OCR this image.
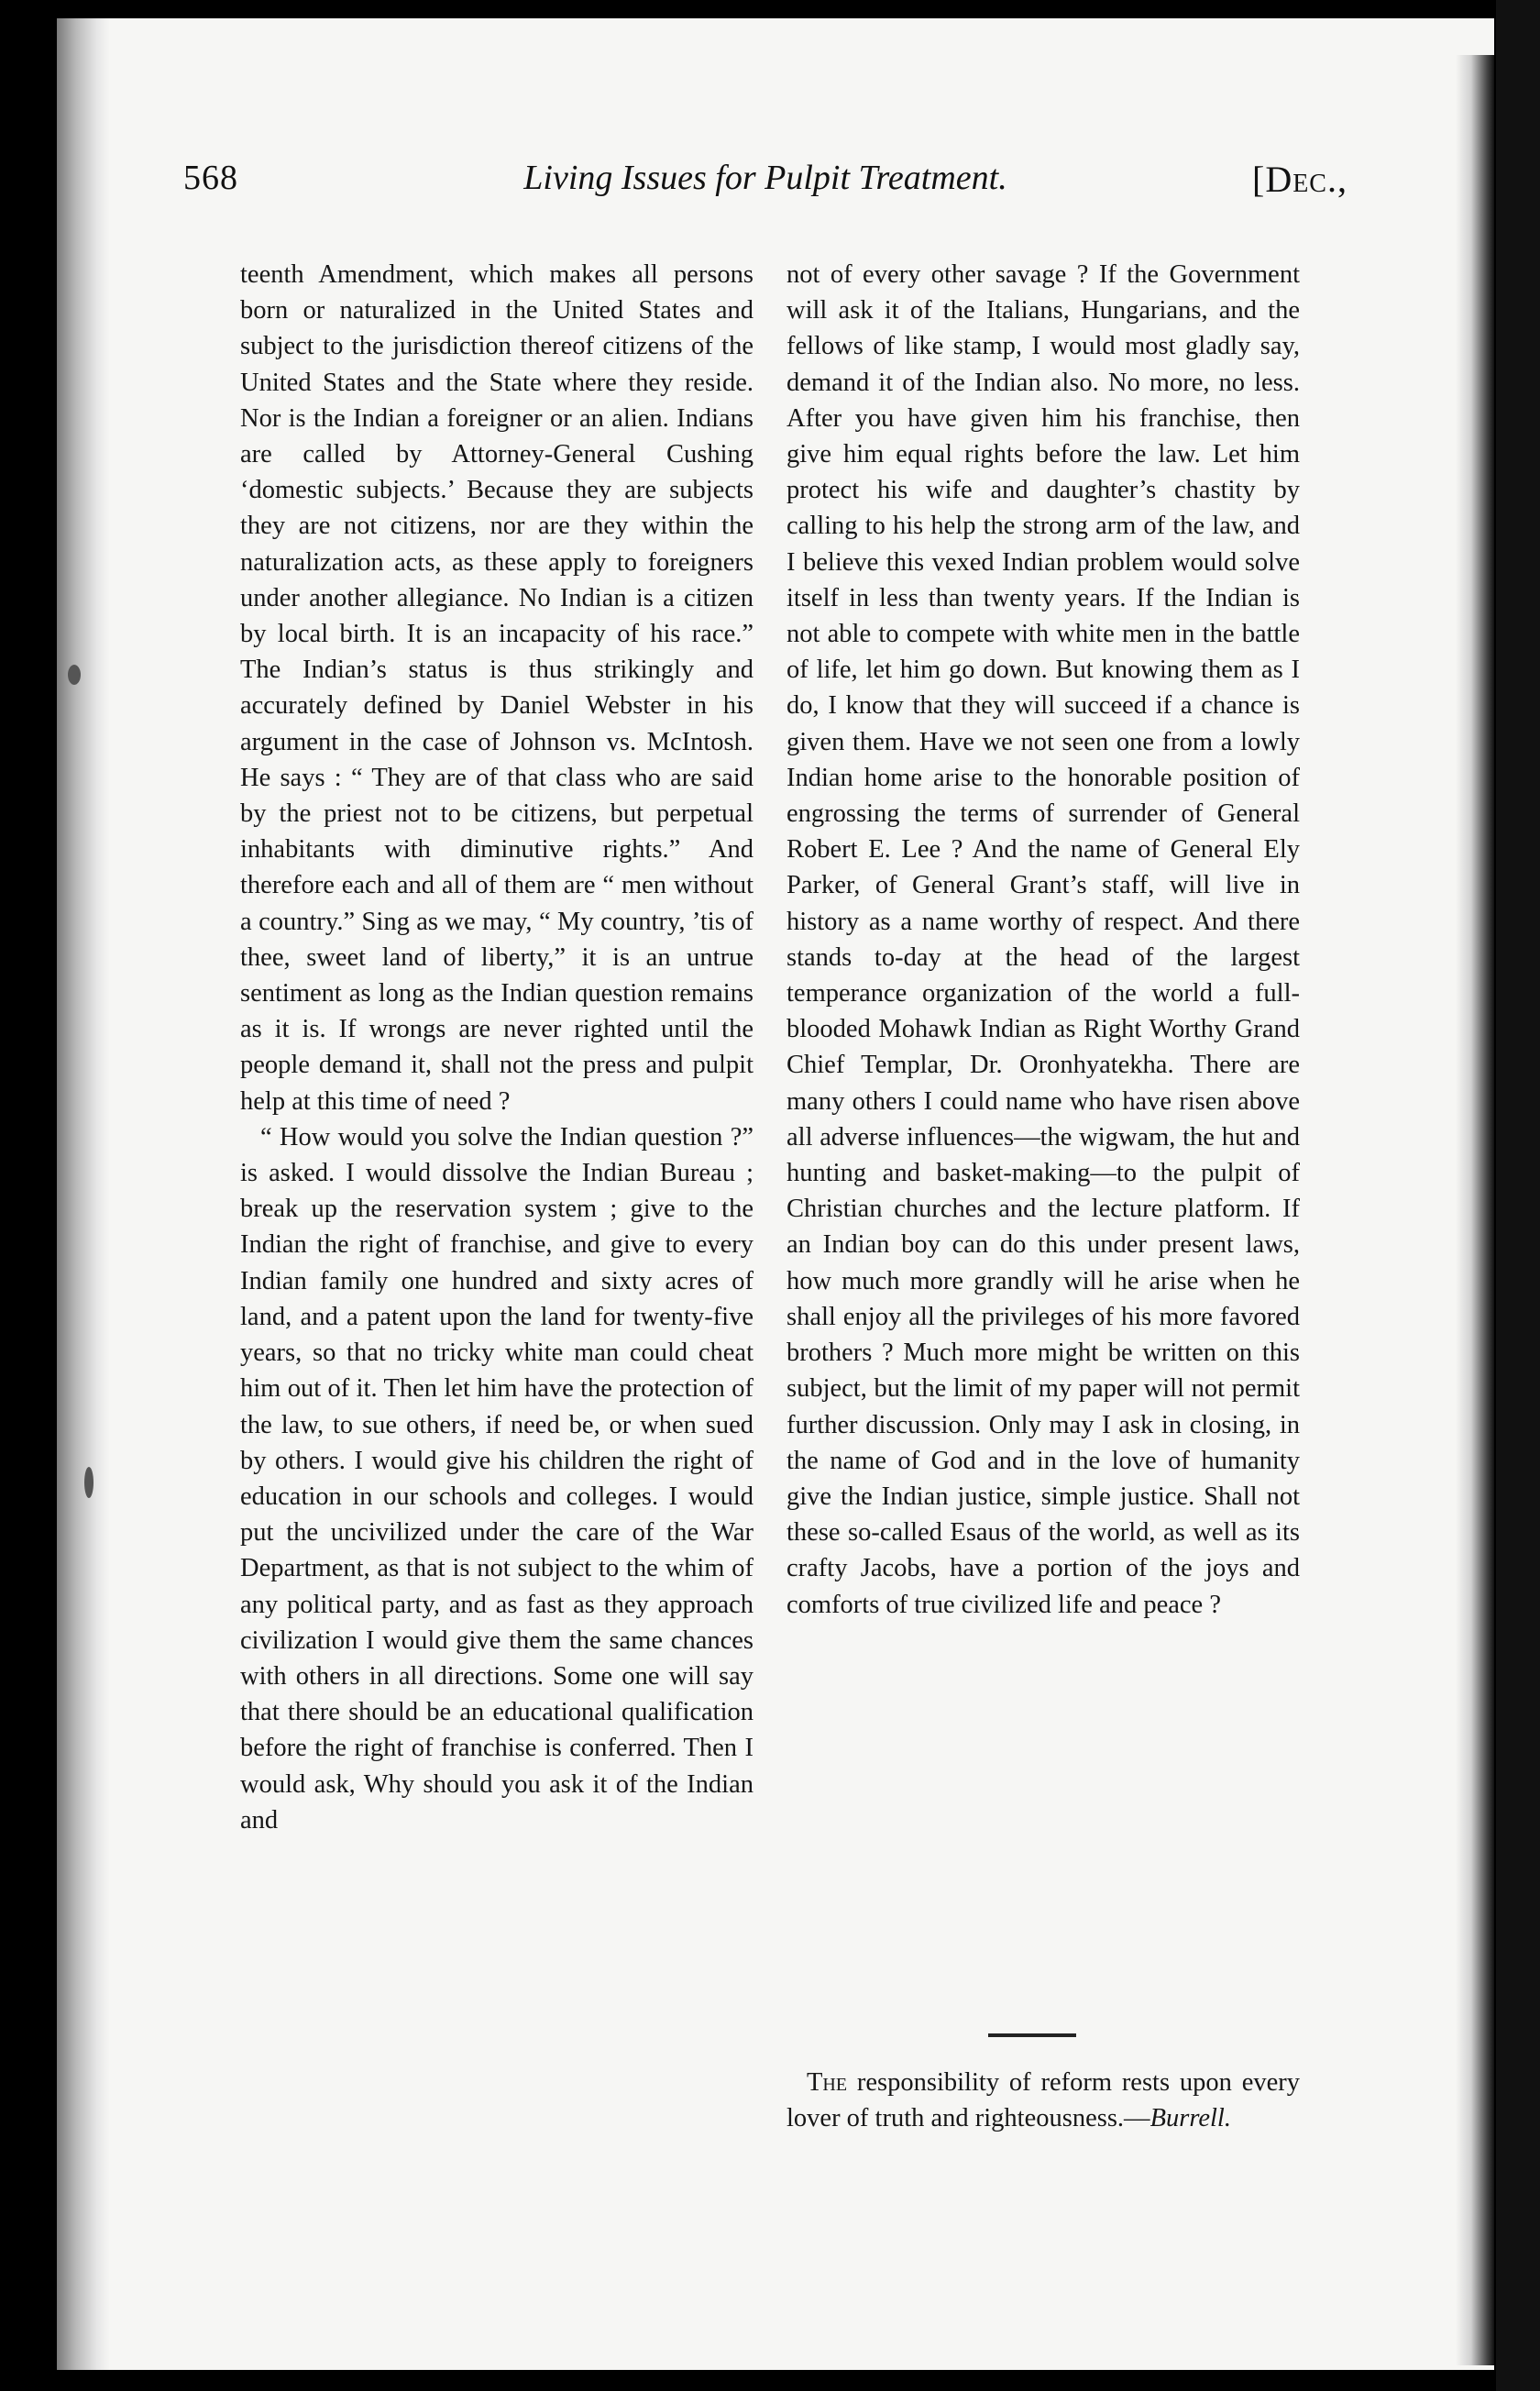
568	Living Issues for Pulpit Treatment.	[Dec.,

teenth Amendment, which makes all persons born or naturalized in the United States and subject to the jurisdiction thereof citizens of the United States and the State where they reside. Nor is the Indian a foreigner or an alien. Indians are called by Attorney-General Cushing ‘domestic subjects.’ Because they are subjects they are not citizens, nor are they within the naturalization acts, as these apply to foreigners under another allegiance. No Indian is a citizen by local birth. It is an incapacity of his race.” The Indian’s status is thus strikingly and accurately defined by Daniel Webster in his argument in the case of Johnson vs. McIntosh. He says : “ They are of that class who are said by the priest not to be citizens, but perpetual inhabitants with diminutive rights.” And therefore each and all of them are “ men without a country.” Sing as we may, “ My country, ’tis of thee, sweet land of liberty,” it is an untrue sentiment as long as the Indian question remains as it is. If wrongs are never righted until the people demand it, shall not the press and pulpit help at this time of need ?

“ How would you solve the Indian question ?” is asked. I would dissolve the Indian Bureau ; break up the reservation system ; give to the Indian the right of franchise, and give to every Indian family one hundred and sixty acres of land, and a patent upon the land for twenty-five years, so that no tricky white man could cheat him out of it. Then let him have the protection of the law, to sue others, if need be, or when sued by others. I would give his children the right of education in our schools and colleges. I would put the uncivilized under the care of the War Department, as that is not subject to the whim of any political party, and as fast as they approach civilization I would give them the same chances with others in all directions. Some one will say that there should be an educational qualification before the right of franchise is conferred. Then I would ask, Why should you ask it of the Indian and

not of every other savage ? If the Government will ask it of the Italians, Hungarians, and the fellows of like stamp, I would most gladly say, demand it of the Indian also. No more, no less. After you have given him his franchise, then give him equal rights before the law. Let him protect his wife and daughter’s chastity by calling to his help the strong arm of the law, and I believe this vexed Indian problem would solve itself in less than twenty years. If the Indian is not able to compete with white men in the battle of life, let him go down. But knowing them as I do, I know that they will succeed if a chance is given them. Have we not seen one from a lowly Indian home arise to the honorable position of engrossing the terms of surrender of General Robert E. Lee ? And the name of General Ely Parker, of General Grant’s staff, will live in history as a name worthy of respect. And there stands to-day at the head of the largest temperance organization of the world a full-blooded Mohawk Indian as Right Worthy Grand Chief Templar, Dr. Oronhyatekha. There are many others I could name who have risen above all adverse influences—the wigwam, the hut and hunting and basket-making—to the pulpit of Christian churches and the lecture platform. If an Indian boy can do this under present laws, how much more grandly will he arise when he shall enjoy all the privileges of his more favored brothers ? Much more might be written on this subject, but the limit of my paper will not permit further discussion. Only may I ask in closing, in the name of God and in the love of humanity give the Indian justice, simple justice. Shall not these so-called Esaus of the world, as well as its crafty Jacobs, have a portion of the joys and comforts of true civilized life and peace ?

The responsibility of reform rests upon every lover of truth and righteousness.—Burrell.
